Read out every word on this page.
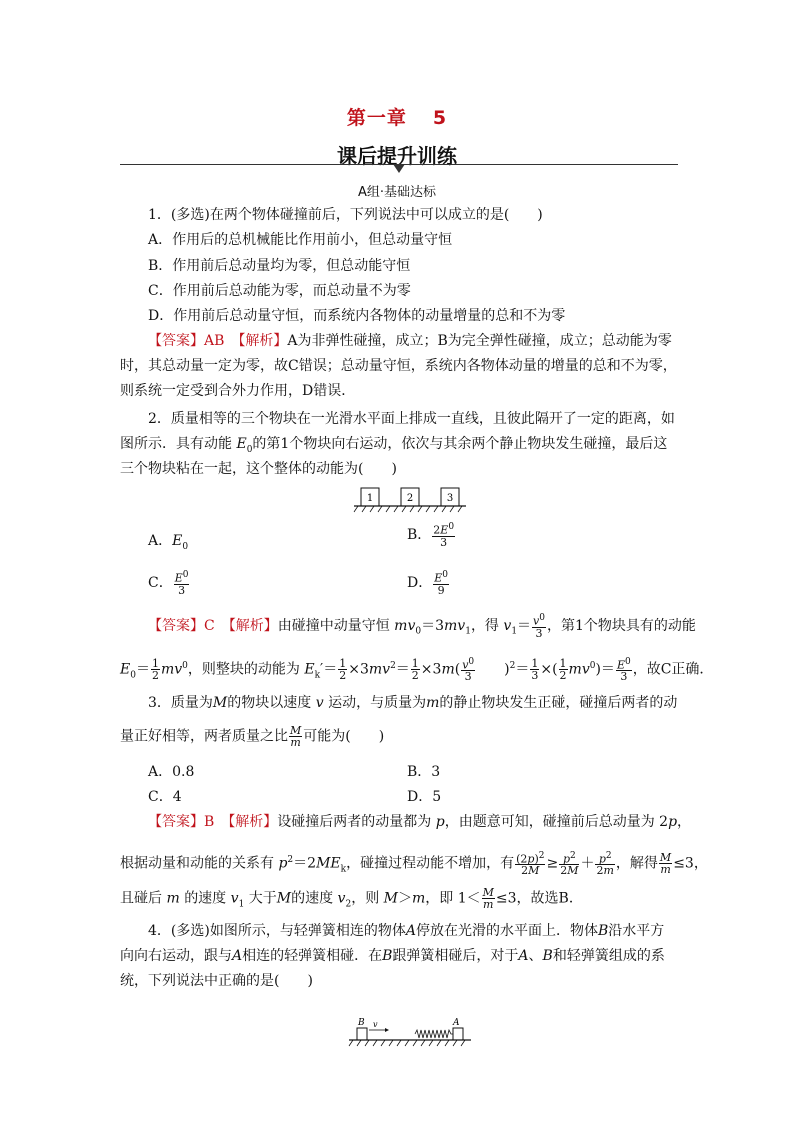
第一章 5
课后提升训练
A组·基础达标
1．(多选)在两个物体碰撞前后，下列说法中可以成立的是(　　)
A．作用后的总机械能比作用前小，但总动量守恒
B．作用前后总动量均为零，但总动能守恒
C．作用前后总动能为零，而总动量不为零
D．作用前后总动量守恒，而系统内各物体的动量增量的总和不为零
【答案】AB　 【解析】A为非弹性碰撞，成立；B为完全弹性碰撞，成立；总动能为零
时，其总动量一定为零，故C错误；总动量守恒，系统内各物体动量的增量的总和不为零，
则系统一定受到合外力作用，D错误．
2．质量相等的三个物块在一光滑水平面上排成一直线，且彼此隔开了一定的距离，如
图所示．具有动能 $E_0$的第1个物块向右运动，依次与其余两个静止物块发生碰撞，最后这
三个物块粘在一起，这个整体的动能为(　　)
1	2	3
A．$E_0$
B． $\frac{2E^0}{3}$
C． $\frac{E^0}{3}$	D． $\frac{E^0}{9}$
【答案】C　 【解析】由碰撞中动量守恒 $mv_0=3mv_1$，得 $v_1= \frac{v^0}{3}$ ，第1个物块具有的动能
$E_0= \frac{1}{2} mv^0$，则整块的动能为 $E_k'= \frac{1}{2} \times 3mv^2= \frac{1}{2} \times 3m( \frac{v^0}{3}$ 　　)$^2= \frac{1}{3}$ ×( $\frac{1}{2} mv^0)= \frac{E^0}{3}$ ，故C正确．
3．质量为M的物块以速度 v 运动，与质量为m的静止物块发生正碰，碰撞后两者的动
量正好相等，两者质量之比 $\frac{M}{m}$ 可能为(　　)
A．0.8	B．3
C．4	D．5
【答案】B　 【解析】设碰撞后两者的动量都为 p，由题意可知，碰撞前后总动量为 2p，
根据动量和动能的关系有 $p^2=2ME_k$，碰撞过程动能不增加，有 $\frac{(2p)^2}{2M} \ge \frac{p^2}{2M} + \frac{p^2}{2m}$ ，解得 $\frac{M}{m} \le 3$，
且碰后 m 的速度 $v_1$ 大于M的速度 $v_2$，则 M＞m，即 $1< \frac{M}{m} \le 3$，故选B．
4．(多选)如图所示，与轻弹簧相连的物体A停放在光滑的水平面上．物体B沿水平方
向向右运动，跟与A相连的轻弹簧相碰．在B跟弹簧相碰后，对于A、B和轻弹簧组成的系
统，下列说法中正确的是(　　)
B v	A
